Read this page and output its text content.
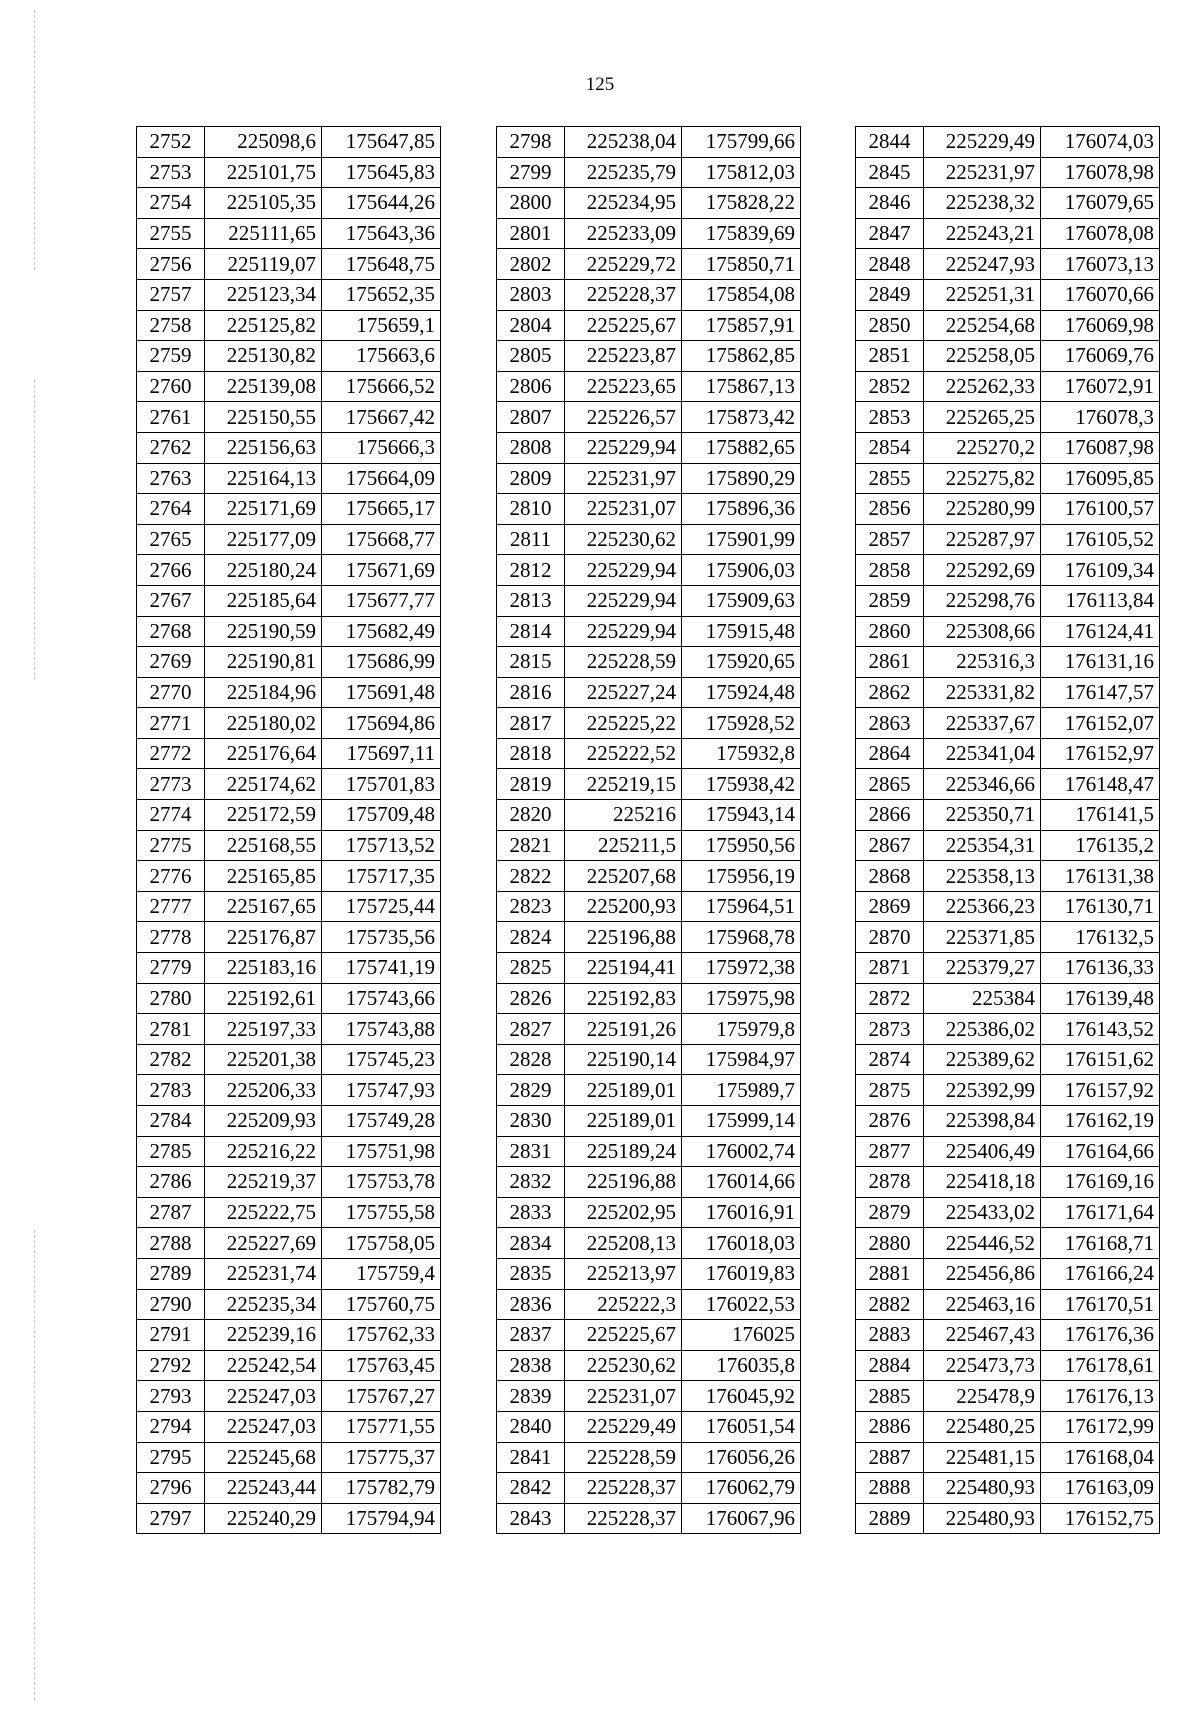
125
2752	225098,6	175647,85
2753	225101,75	175645,83
2754	225105,35	175644,26
2755	225111,65	175643,36
2756	225119,07	175648,75
2757	225123,34	175652,35
2758	225125,82	175659,1
2759	225130,82	175663,6
2760	225139,08	175666,52
2761	225150,55	175667,42
2762	225156,63	175666,3
2763	225164,13	175664,09
2764	225171,69	175665,17
2765	225177,09	175668,77
2766	225180,24	175671,69
2767	225185,64	175677,77
2768	225190,59	175682,49
2769	225190,81	175686,99
2770	225184,96	175691,48
2771	225180,02	175694,86
2772	225176,64	175697,11
2773	225174,62	175701,83
2774	225172,59	175709,48
2775	225168,55	175713,52
2776	225165,85	175717,35
2777	225167,65	175725,44
2778	225176,87	175735,56
2779	225183,16	175741,19
2780	225192,61	175743,66
2781	225197,33	175743,88
2782	225201,38	175745,23
2783	225206,33	175747,93
2784	225209,93	175749,28
2785	225216,22	175751,98
2786	225219,37	175753,78
2787	225222,75	175755,58
2788	225227,69	175758,05
2789	225231,74	175759,4
2790	225235,34	175760,75
2791	225239,16	175762,33
2792	225242,54	175763,45
2793	225247,03	175767,27
2794	225247,03	175771,55
2795	225245,68	175775,37
2796	225243,44	175782,79
2797	225240,29	175794,94
2798	225238,04	175799,66
2799	225235,79	175812,03
2800	225234,95	175828,22
2801	225233,09	175839,69
2802	225229,72	175850,71
2803	225228,37	175854,08
2804	225225,67	175857,91
2805	225223,87	175862,85
2806	225223,65	175867,13
2807	225226,57	175873,42
2808	225229,94	175882,65
2809	225231,97	175890,29
2810	225231,07	175896,36
2811	225230,62	175901,99
2812	225229,94	175906,03
2813	225229,94	175909,63
2814	225229,94	175915,48
2815	225228,59	175920,65
2816	225227,24	175924,48
2817	225225,22	175928,52
2818	225222,52	175932,8
2819	225219,15	175938,42
2820	225216	175943,14
2821	225211,5	175950,56
2822	225207,68	175956,19
2823	225200,93	175964,51
2824	225196,88	175968,78
2825	225194,41	175972,38
2826	225192,83	175975,98
2827	225191,26	175979,8
2828	225190,14	175984,97
2829	225189,01	175989,7
2830	225189,01	175999,14
2831	225189,24	176002,74
2832	225196,88	176014,66
2833	225202,95	176016,91
2834	225208,13	176018,03
2835	225213,97	176019,83
2836	225222,3	176022,53
2837	225225,67	176025
2838	225230,62	176035,8
2839	225231,07	176045,92
2840	225229,49	176051,54
2841	225228,59	176056,26
2842	225228,37	176062,79
2843	225228,37	176067,96
2844	225229,49	176074,03
2845	225231,97	176078,98
2846	225238,32	176079,65
2847	225243,21	176078,08
2848	225247,93	176073,13
2849	225251,31	176070,66
2850	225254,68	176069,98
2851	225258,05	176069,76
2852	225262,33	176072,91
2853	225265,25	176078,3
2854	225270,2	176087,98
2855	225275,82	176095,85
2856	225280,99	176100,57
2857	225287,97	176105,52
2858	225292,69	176109,34
2859	225298,76	176113,84
2860	225308,66	176124,41
2861	225316,3	176131,16
2862	225331,82	176147,57
2863	225337,67	176152,07
2864	225341,04	176152,97
2865	225346,66	176148,47
2866	225350,71	176141,5
2867	225354,31	176135,2
2868	225358,13	176131,38
2869	225366,23	176130,71
2870	225371,85	176132,5
2871	225379,27	176136,33
2872	225384	176139,48
2873	225386,02	176143,52
2874	225389,62	176151,62
2875	225392,99	176157,92
2876	225398,84	176162,19
2877	225406,49	176164,66
2878	225418,18	176169,16
2879	225433,02	176171,64
2880	225446,52	176168,71
2881	225456,86	176166,24
2882	225463,16	176170,51
2883	225467,43	176176,36
2884	225473,73	176178,61
2885	225478,9	176176,13
2886	225480,25	176172,99
2887	225481,15	176168,04
2888	225480,93	176163,09
2889	225480,93	176152,75
